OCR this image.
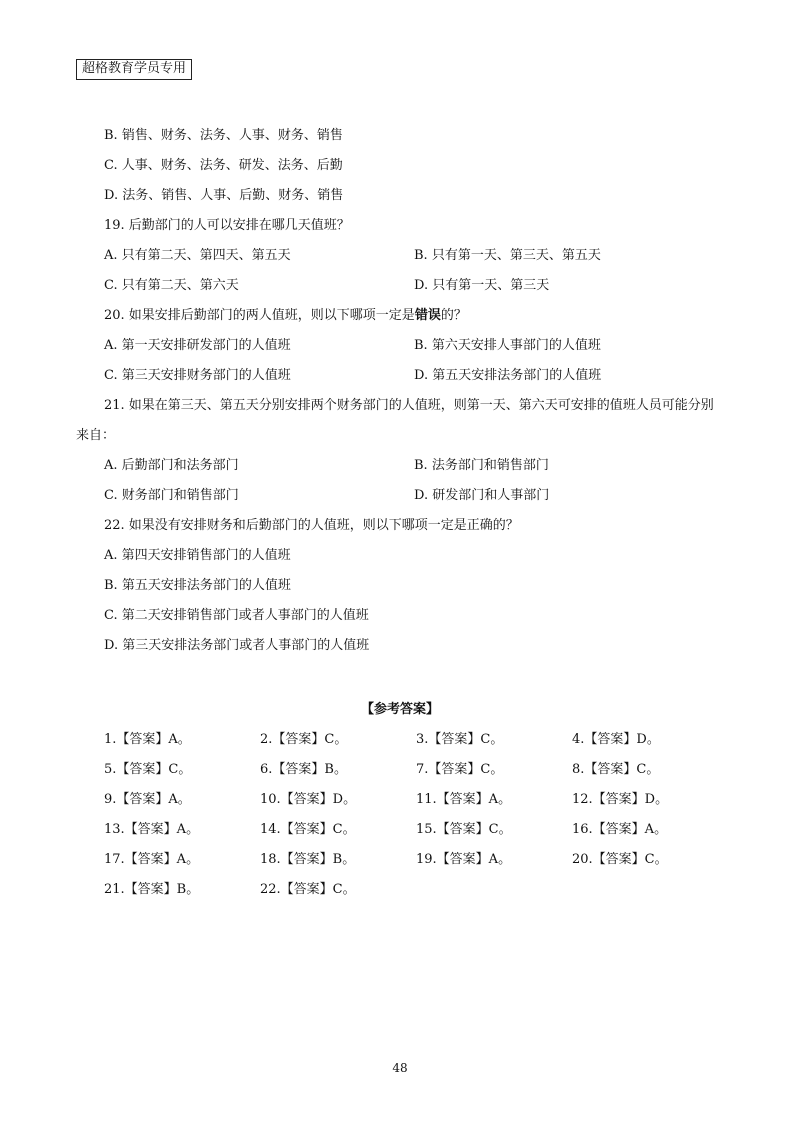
超格教育学员专用
B. 销售、财务、法务、人事、财务、销售
C. 人事、财务、法务、研发、法务、后勤
D. 法务、销售、人事、后勤、财务、销售
19. 后勤部门的人可以安排在哪几天值班？
A. 只有第二天、第四天、第五天	B. 只有第一天、第三天、第五天
C. 只有第二天、第六天	D. 只有第一天、第三天
20. 如果安排后勤部门的两人值班，则以下哪项一定是错误的？
A. 第一天安排研发部门的人值班	B. 第六天安排人事部门的人值班
C. 第三天安排财务部门的人值班	D. 第五天安排法务部门的人值班
21. 如果在第三天、第五天分别安排两个财务部门的人值班，则第一天、第六天可安排的值班人员可能分别
来自：
A. 后勤部门和法务部门	B. 法务部门和销售部门
C. 财务部门和销售部门	D. 研发部门和人事部门
22. 如果没有安排财务和后勤部门的人值班，则以下哪项一定是正确的？
A. 第四天安排销售部门的人值班
B. 第五天安排法务部门的人值班
C. 第二天安排销售部门或者人事部门的人值班
D. 第三天安排法务部门或者人事部门的人值班
【参考答案】
1.【答案】A。	2.【答案】C。	3.【答案】C。	4.【答案】D。
5.【答案】C。	6.【答案】B。	7.【答案】C。	8.【答案】C。
9.【答案】A。	10.【答案】D。	11.【答案】A。	12.【答案】D。
13.【答案】A。	14.【答案】C。	15.【答案】C。	16.【答案】A。
17.【答案】A。	18.【答案】B。	19.【答案】A。	20.【答案】C。
21.【答案】B。	22.【答案】C。
48
